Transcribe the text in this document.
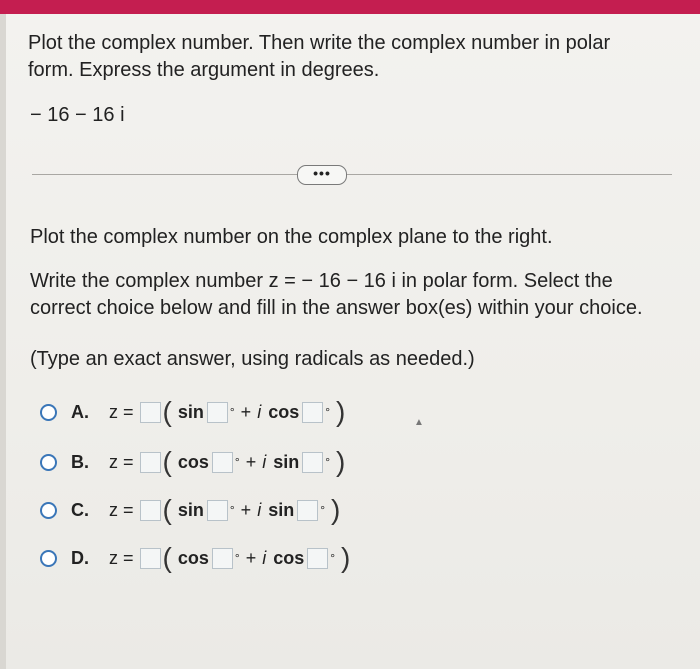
Plot the complex number. Then write the complex number in polar form. Express the argument in degrees.
− 16 − 16 i
•••
Plot the complex number on the complex plane to the right.
Write the complex number z = − 16 − 16 i in polar form. Select the correct choice below and fill in the answer box(es) within your choice.
(Type an exact answer, using radicals as needed.)
A. z = ( sin ° + i cos ° )
B. z = ( cos ° + i sin ° )
C. z = ( sin ° + i sin ° )
D. z = ( cos ° + i cos ° )
▲
